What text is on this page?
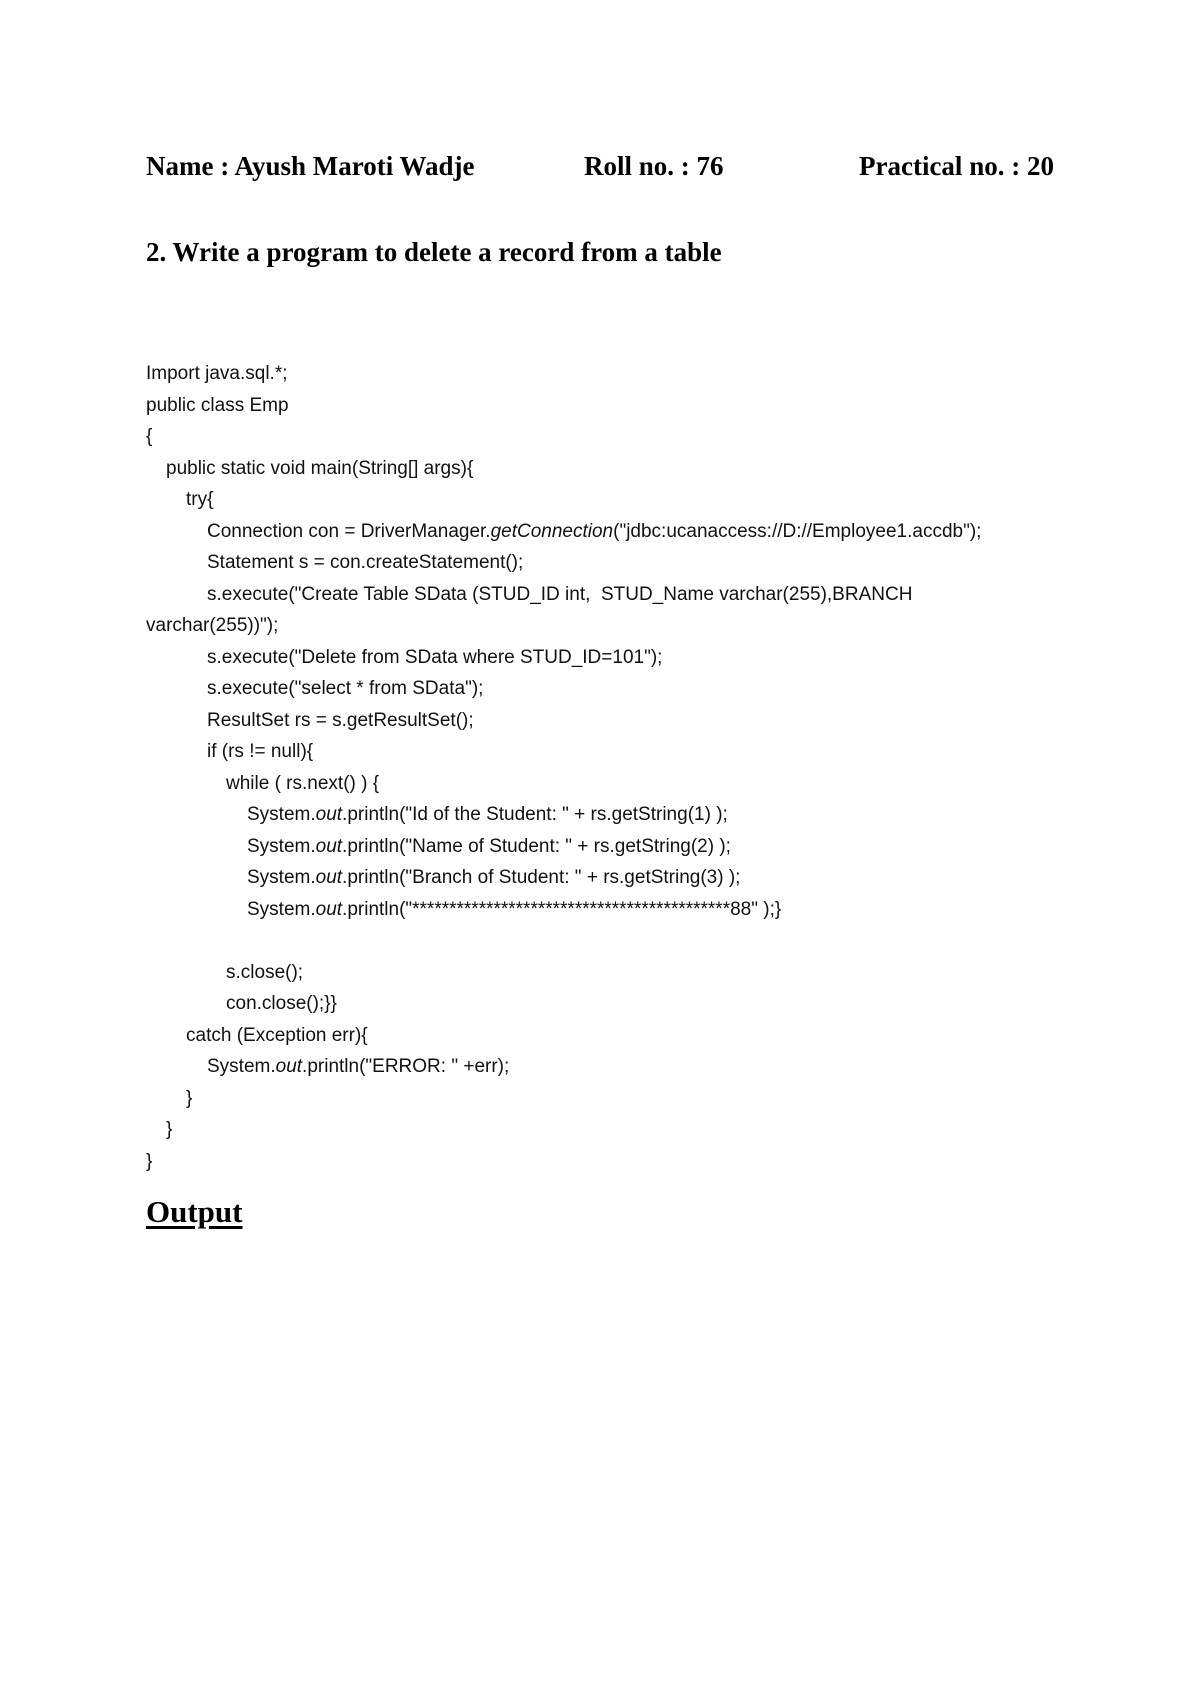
Name : Ayush Maroti Wadje	Roll no. : 76	Practical no. : 20
2. Write a program to delete a record from a table
Import java.sql.*;
public class Emp
{
public static void main(String[] args){
try{
Connection con = DriverManager.getConnection("jdbc:ucanaccess://D://Employee1.accdb");
Statement s = con.createStatement();
s.execute("Create Table SData (STUD_ID int,  STUD_Name varchar(255),BRANCH
varchar(255))");
s.execute("Delete from SData where STUD_ID=101");
s.execute("select * from SData");
ResultSet rs = s.getResultSet();
if (rs != null){
while ( rs.next() ) {
System.out.println("Id of the Student: " + rs.getString(1) );
System.out.println("Name of Student: " + rs.getString(2) );
System.out.println("Branch of Student: " + rs.getString(3) );
System.out.println("*******************************************88" );}
s.close();
con.close();}}
catch (Exception err){
System.out.println("ERROR: " +err);
}
}
}
Output
